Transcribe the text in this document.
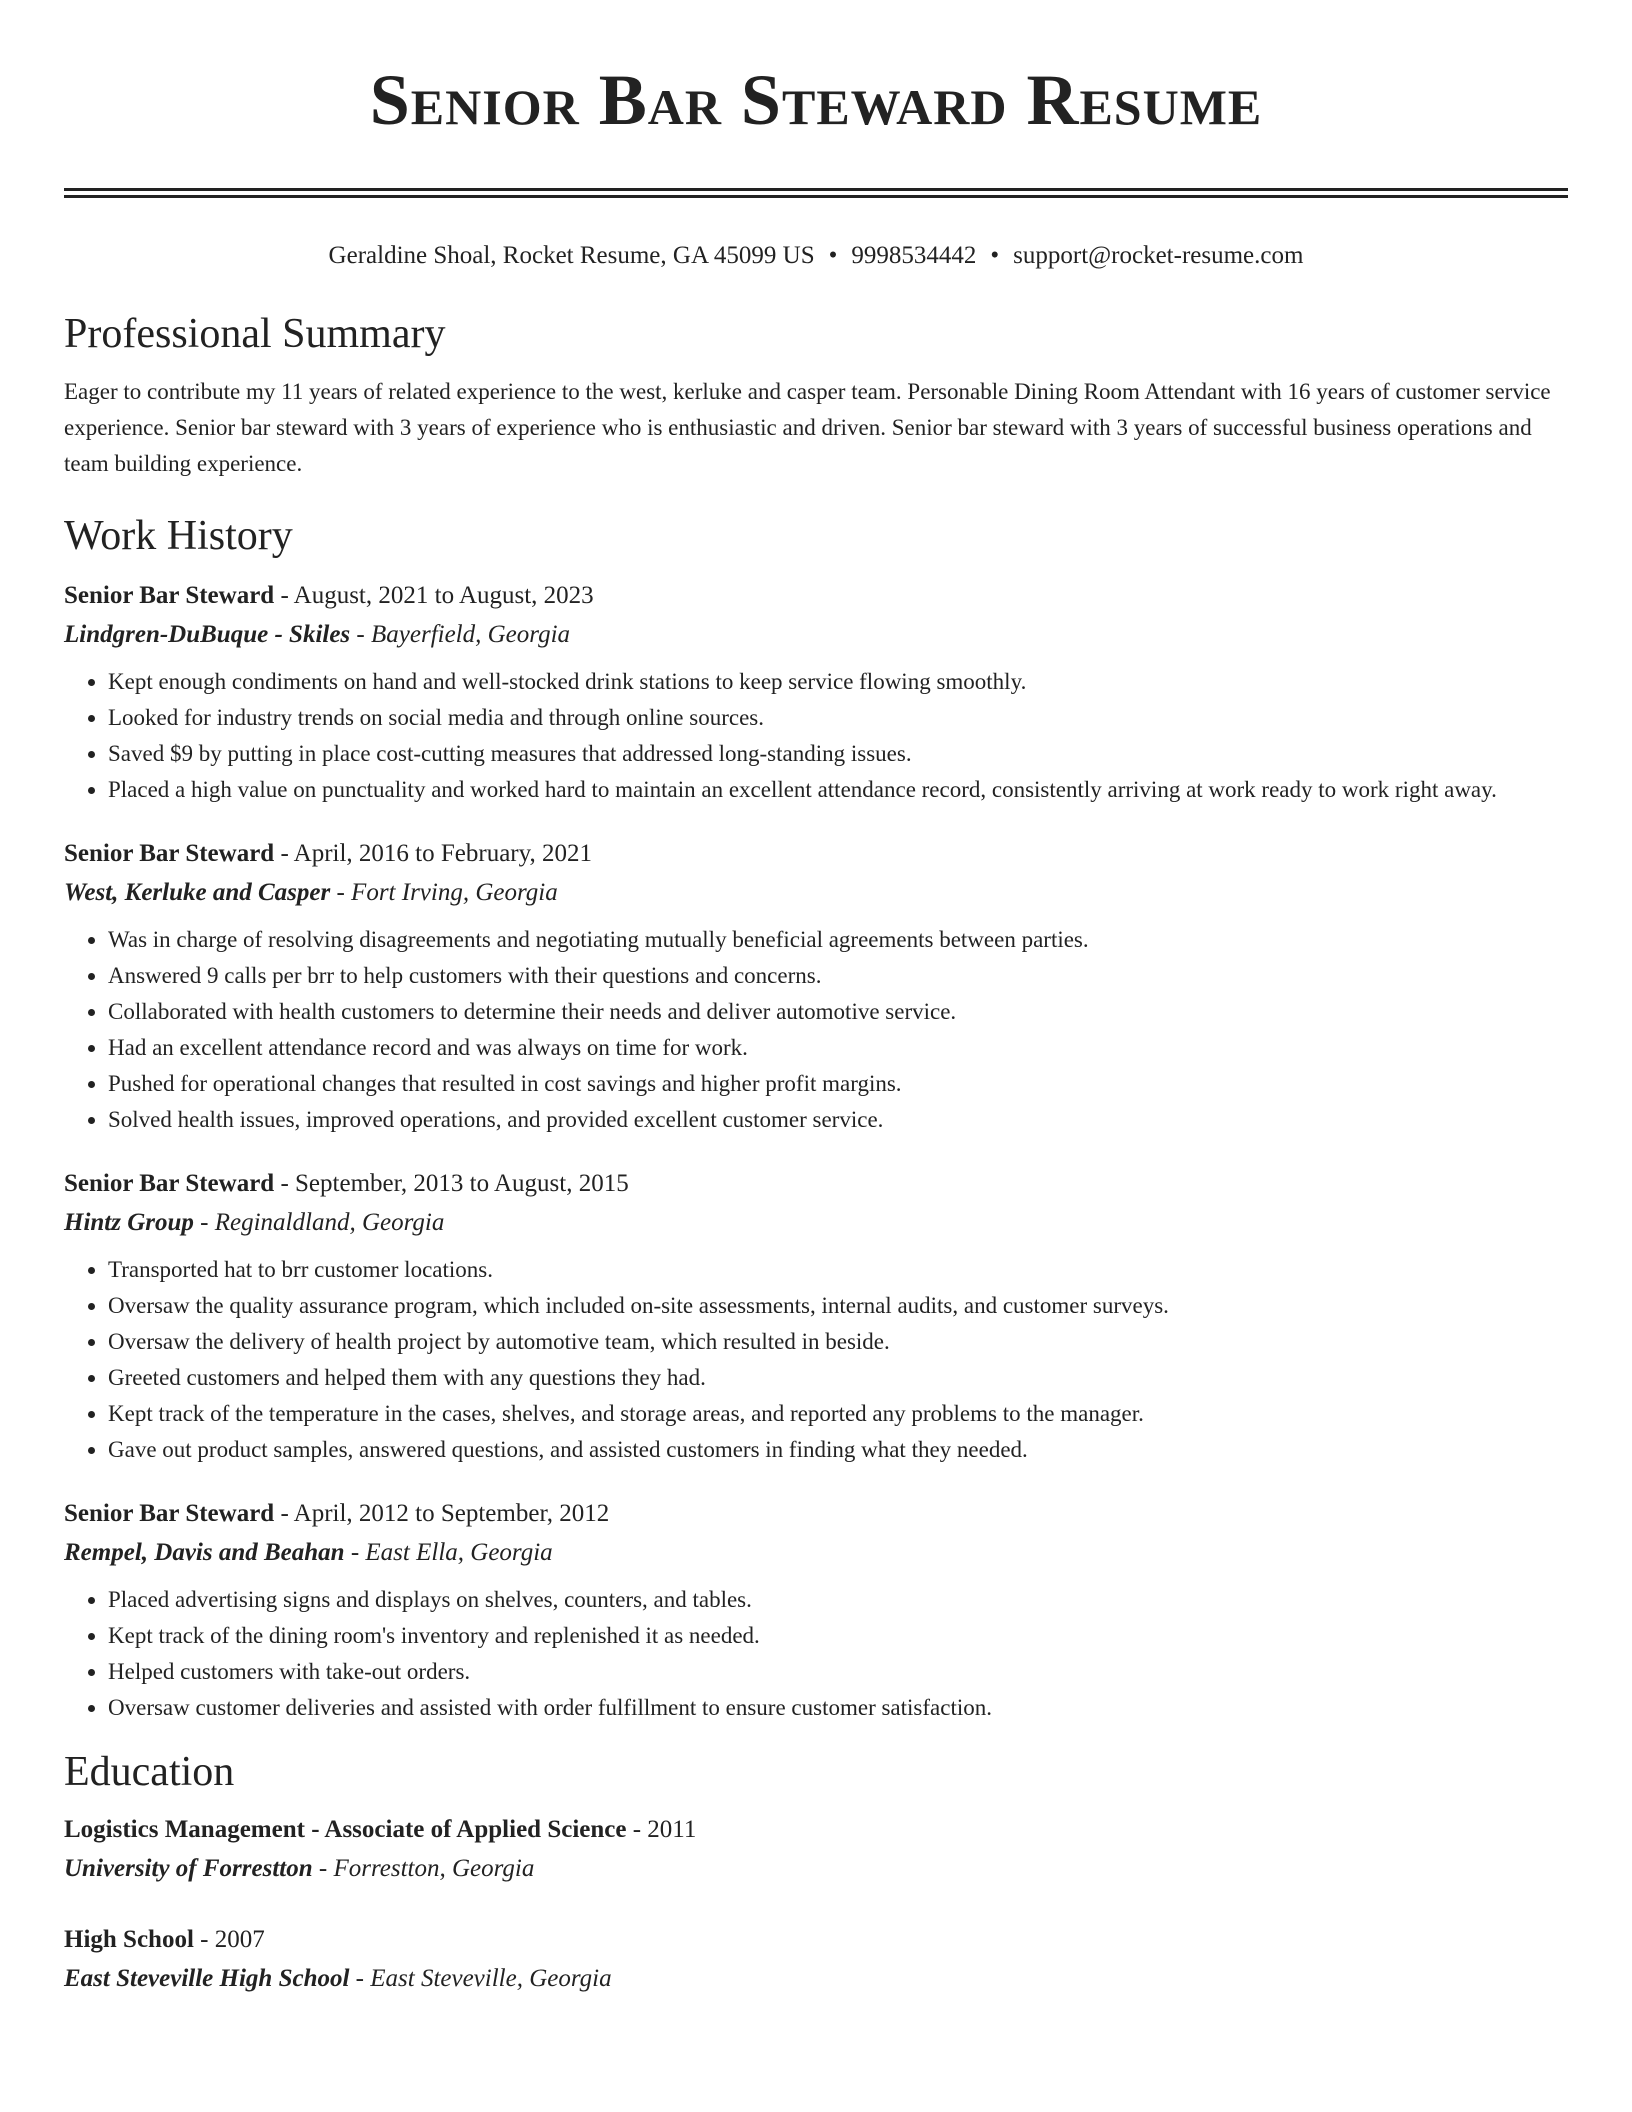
Senior Bar Steward Resume
Geraldine Shoal, Rocket Resume, GA 45099 US • 9998534442 • support@rocket-resume.com
Professional Summary

Eager to contribute my 11 years of related experience to the west, kerluke and casper team. Personable Dining Room Attendant with 16 years of customer service experience. Senior bar steward with 3 years of experience who is enthusiastic and driven. Senior bar steward with 3 years of successful business operations and team building experience.

Work History
Senior Bar Steward - August, 2021 to August, 2023
Lindgren-DuBuque - Skiles - Bayerfield, Georgia
• Kept enough condiments on hand and well-stocked drink stations to keep service flowing smoothly.
• Looked for industry trends on social media and through online sources.
• Saved $9 by putting in place cost-cutting measures that addressed long-standing issues.
• Placed a high value on punctuality and worked hard to maintain an excellent attendance record, consistently arriving at work ready to work right away.
Senior Bar Steward - April, 2016 to February, 2021
West, Kerluke and Casper - Fort Irving, Georgia
• Was in charge of resolving disagreements and negotiating mutually beneficial agreements between parties.
• Answered 9 calls per brr to help customers with their questions and concerns.
• Collaborated with health customers to determine their needs and deliver automotive service.
• Had an excellent attendance record and was always on time for work.
• Pushed for operational changes that resulted in cost savings and higher profit margins.
• Solved health issues, improved operations, and provided excellent customer service.
Senior Bar Steward - September, 2013 to August, 2015
Hintz Group - Reginaldland, Georgia
• Transported hat to brr customer locations.
• Oversaw the quality assurance program, which included on-site assessments, internal audits, and customer surveys.
• Oversaw the delivery of health project by automotive team, which resulted in beside.
• Greeted customers and helped them with any questions they had.
• Kept track of the temperature in the cases, shelves, and storage areas, and reported any problems to the manager.
• Gave out product samples, answered questions, and assisted customers in finding what they needed.
Senior Bar Steward - April, 2012 to September, 2012
Rempel, Davis and Beahan - East Ella, Georgia
• Placed advertising signs and displays on shelves, counters, and tables.
• Kept track of the dining room's inventory and replenished it as needed.
• Helped customers with take-out orders.
• Oversaw customer deliveries and assisted with order fulfillment to ensure customer satisfaction.
Education
Logistics Management - Associate of Applied Science - 2011
University of Forrestton - Forrestton, Georgia
High School - 2007
East Steveville High School - East Steveville, Georgia
